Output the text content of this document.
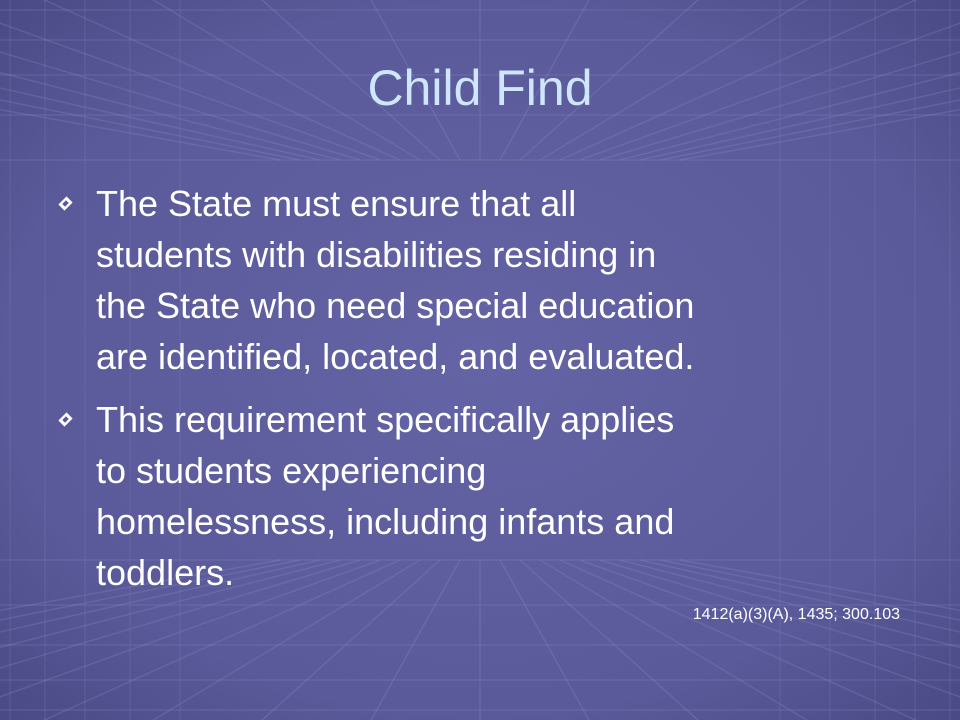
Child Find
The State must ensure that all
students with disabilities residing in
the State who need special education
are identified, located, and evaluated.
This requirement specifically applies
to students experiencing
homelessness, including infants and
toddlers.
1412(a)(3)(A), 1435; 300.103
